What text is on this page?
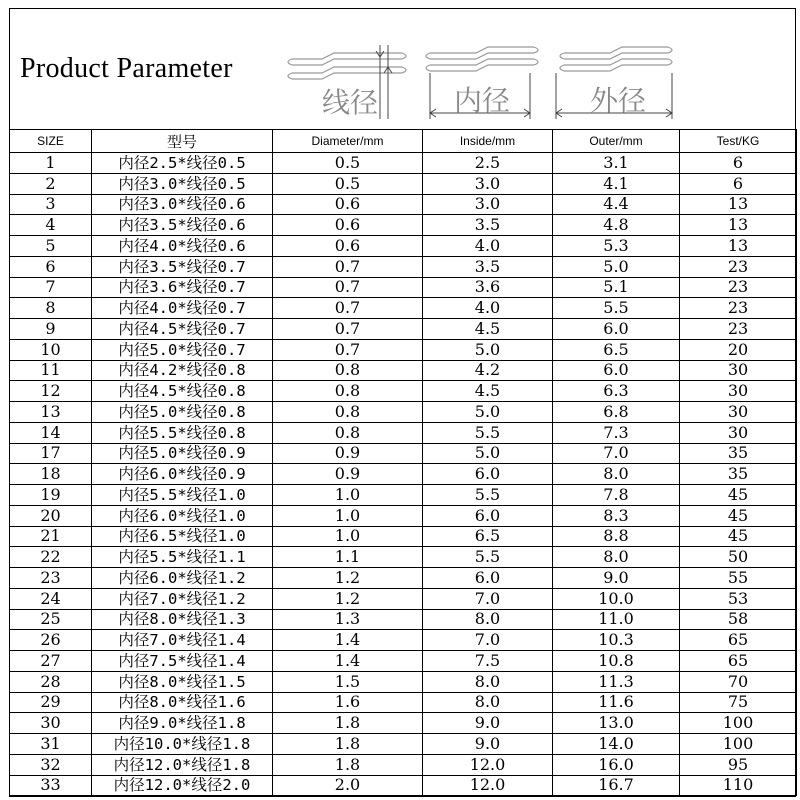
Product Parameter
线径	内径	外径
SIZE	型号	Diameter/mm	Inside/mm	Outer/mm	Test/KG
1	内径2.5*线径0.5	0.5	2.5	3.1	6
2	内径3.0*线径0.5	0.5	3.0	4.1	6
3	内径3.0*线径0.6	0.6	3.0	4.4	13
4	内径3.5*线径0.6	0.6	3.5	4.8	13
5	内径4.0*线径0.6	0.6	4.0	5.3	13
6	内径3.5*线径0.7	0.7	3.5	5.0	23
7	内径3.6*线径0.7	0.7	3.6	5.1	23
8	内径4.0*线径0.7	0.7	4.0	5.5	23
9	内径4.5*线径0.7	0.7	4.5	6.0	23
10	内径5.0*线径0.7	0.7	5.0	6.5	20
11	内径4.2*线径0.8	0.8	4.2	6.0	30
12	内径4.5*线径0.8	0.8	4.5	6.3	30
13	内径5.0*线径0.8	0.8	5.0	6.8	30
14	内径5.5*线径0.8	0.8	5.5	7.3	30
17	内径5.0*线径0.9	0.9	5.0	7.0	35
18	内径6.0*线径0.9	0.9	6.0	8.0	35
19	内径5.5*线径1.0	1.0	5.5	7.8	45
20	内径6.0*线径1.0	1.0	6.0	8.3	45
21	内径6.5*线径1.0	1.0	6.5	8.8	45
22	内径5.5*线径1.1	1.1	5.5	8.0	50
23	内径6.0*线径1.2	1.2	6.0	9.0	55
24	内径7.0*线径1.2	1.2	7.0	10.0	53
25	内径8.0*线径1.3	1.3	8.0	11.0	58
26	内径7.0*线径1.4	1.4	7.0	10.3	65
27	内径7.5*线径1.4	1.4	7.5	10.8	65
28	内径8.0*线径1.5	1.5	8.0	11.3	70
29	内径8.0*线径1.6	1.6	8.0	11.6	75
30	内径9.0*线径1.8	1.8	9.0	13.0	100
31	内径10.0*线径1.8	1.8	9.0	14.0	100
32	内径12.0*线径1.8	1.8	12.0	16.0	95
33	内径12.0*线径2.0	2.0	12.0	16.7	110
